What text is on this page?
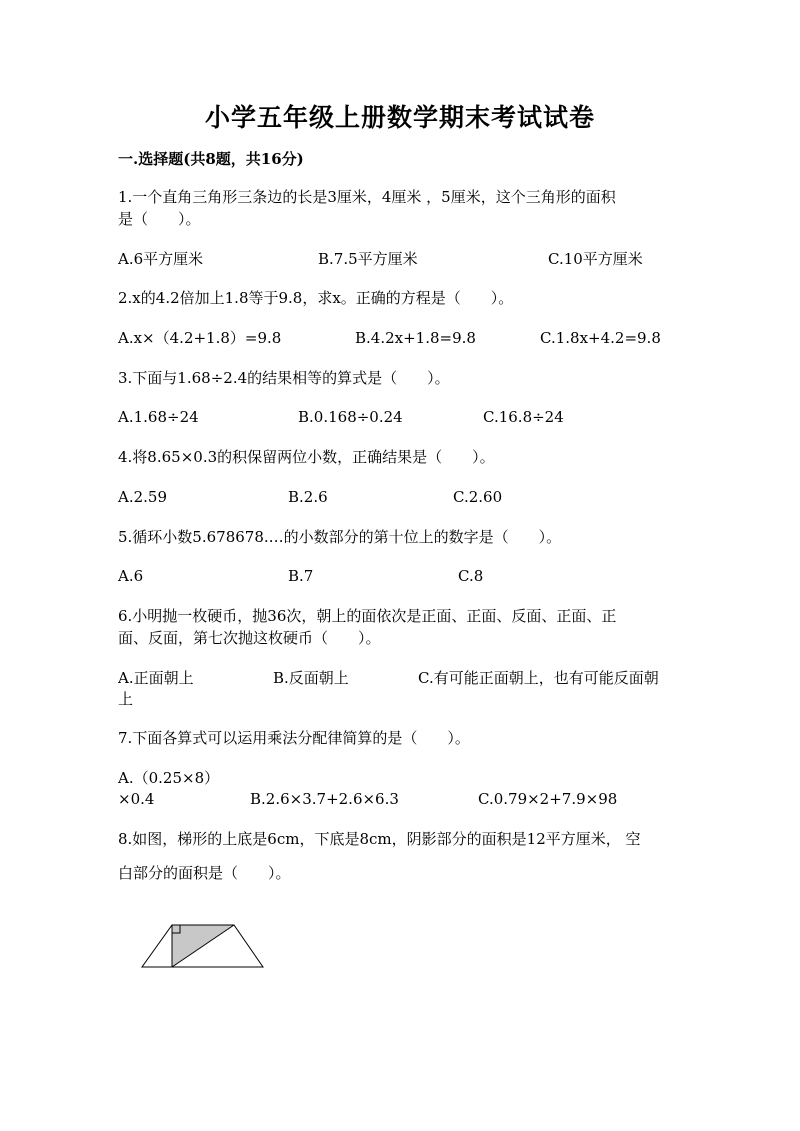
小学五年级上册数学期末考试试卷
一.选择题(共8题，共16分)
1.一个直角三角形三条边的长是3厘米，4厘米 ，5厘米，这个三角形的面积
是（　　）。
A.6平方厘米	B.7.5平方厘米	C.10平方厘米
2.x的4.2倍加上1.8等于9.8，求x。正确的方程是（　　）。
A.x×（4.2+1.8）=9.8	B.4.2x+1.8=9.8	C.1.8x+4.2=9.8
3.下面与1.68÷2.4的结果相等的算式是（　　）。
A.1.68÷24	B.0.168÷0.24	C.16.8÷24
4.将8.65×0.3的积保留两位小数，正确结果是（　　）。
A.2.59	B.2.6	C.2.60
5.循环小数5.678678.…的小数部分的第十位上的数字是（　　）。
A.6	B.7	C.8
6.小明抛一枚硬币，抛36次，朝上的面依次是正面、正面、反面、正面、正
面、反面，第七次抛这枚硬币（　　）。
A.正面朝上	B.反面朝上	C.有可能正面朝上，也有可能反面朝
上
7.下面各算式可以运用乘法分配律简算的是（　　）。
A.（0.25×8）
×0.4	B.2.6×3.7+2.6×6.3	C.0.79×2+7.9×98
8.如图，梯形的上底是6cm，下底是8cm，阴影部分的面积是12平方厘米， 空
白部分的面积是（　　）。
